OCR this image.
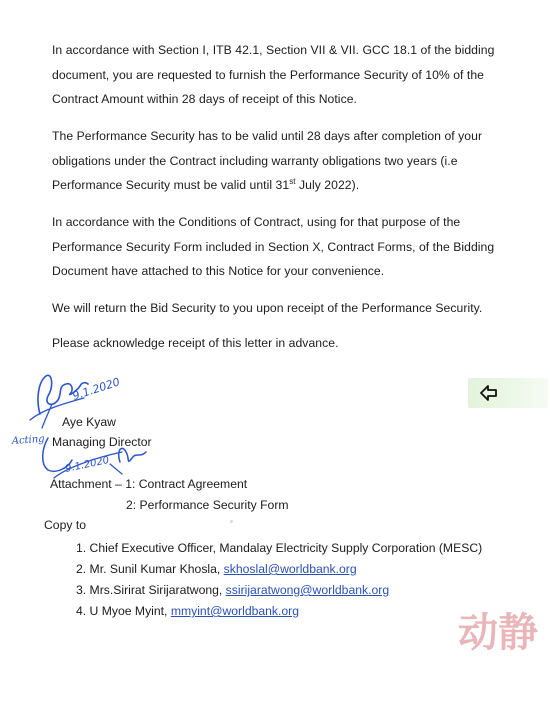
In accordance with Section I, ITB 42.1, Section VII & VII. GCC 18.1 of the bidding
document, you are requested to furnish the Performance Security of 10% of the
Contract Amount within 28 days of receipt of this Notice.

The Performance Security has to be valid until 28 days after completion of your
obligations under the Contract including warranty obligations two years (i.e
Performance Security must be valid until 31st July 2022).

In accordance with the Conditions of Contract, using for that purpose of the
Performance Security Form included in Section X, Contract Forms, of the Bidding
Document have attached to this Notice for your convenience.

We will return the Bid Security to you upon receipt of the Performance Security.

Please acknowledge receipt of this letter in advance.

9.1.2020
Aye Kyaw
Managing Director
Acting
9.1.2020
Attachment – 1: Contract Agreement
2: Performance Security Form
Copy to
1. Chief Executive Officer, Mandalay Electricity Supply Corporation (MESC)
2. Mr. Sunil Kumar Khosla, skhoslal@worldbank.org
3. Mrs.Sirirat Sirijaratwong, ssirijaratwong@worldbank.org
4. U Myoe Myint, mmyint@worldbank.org	动静
